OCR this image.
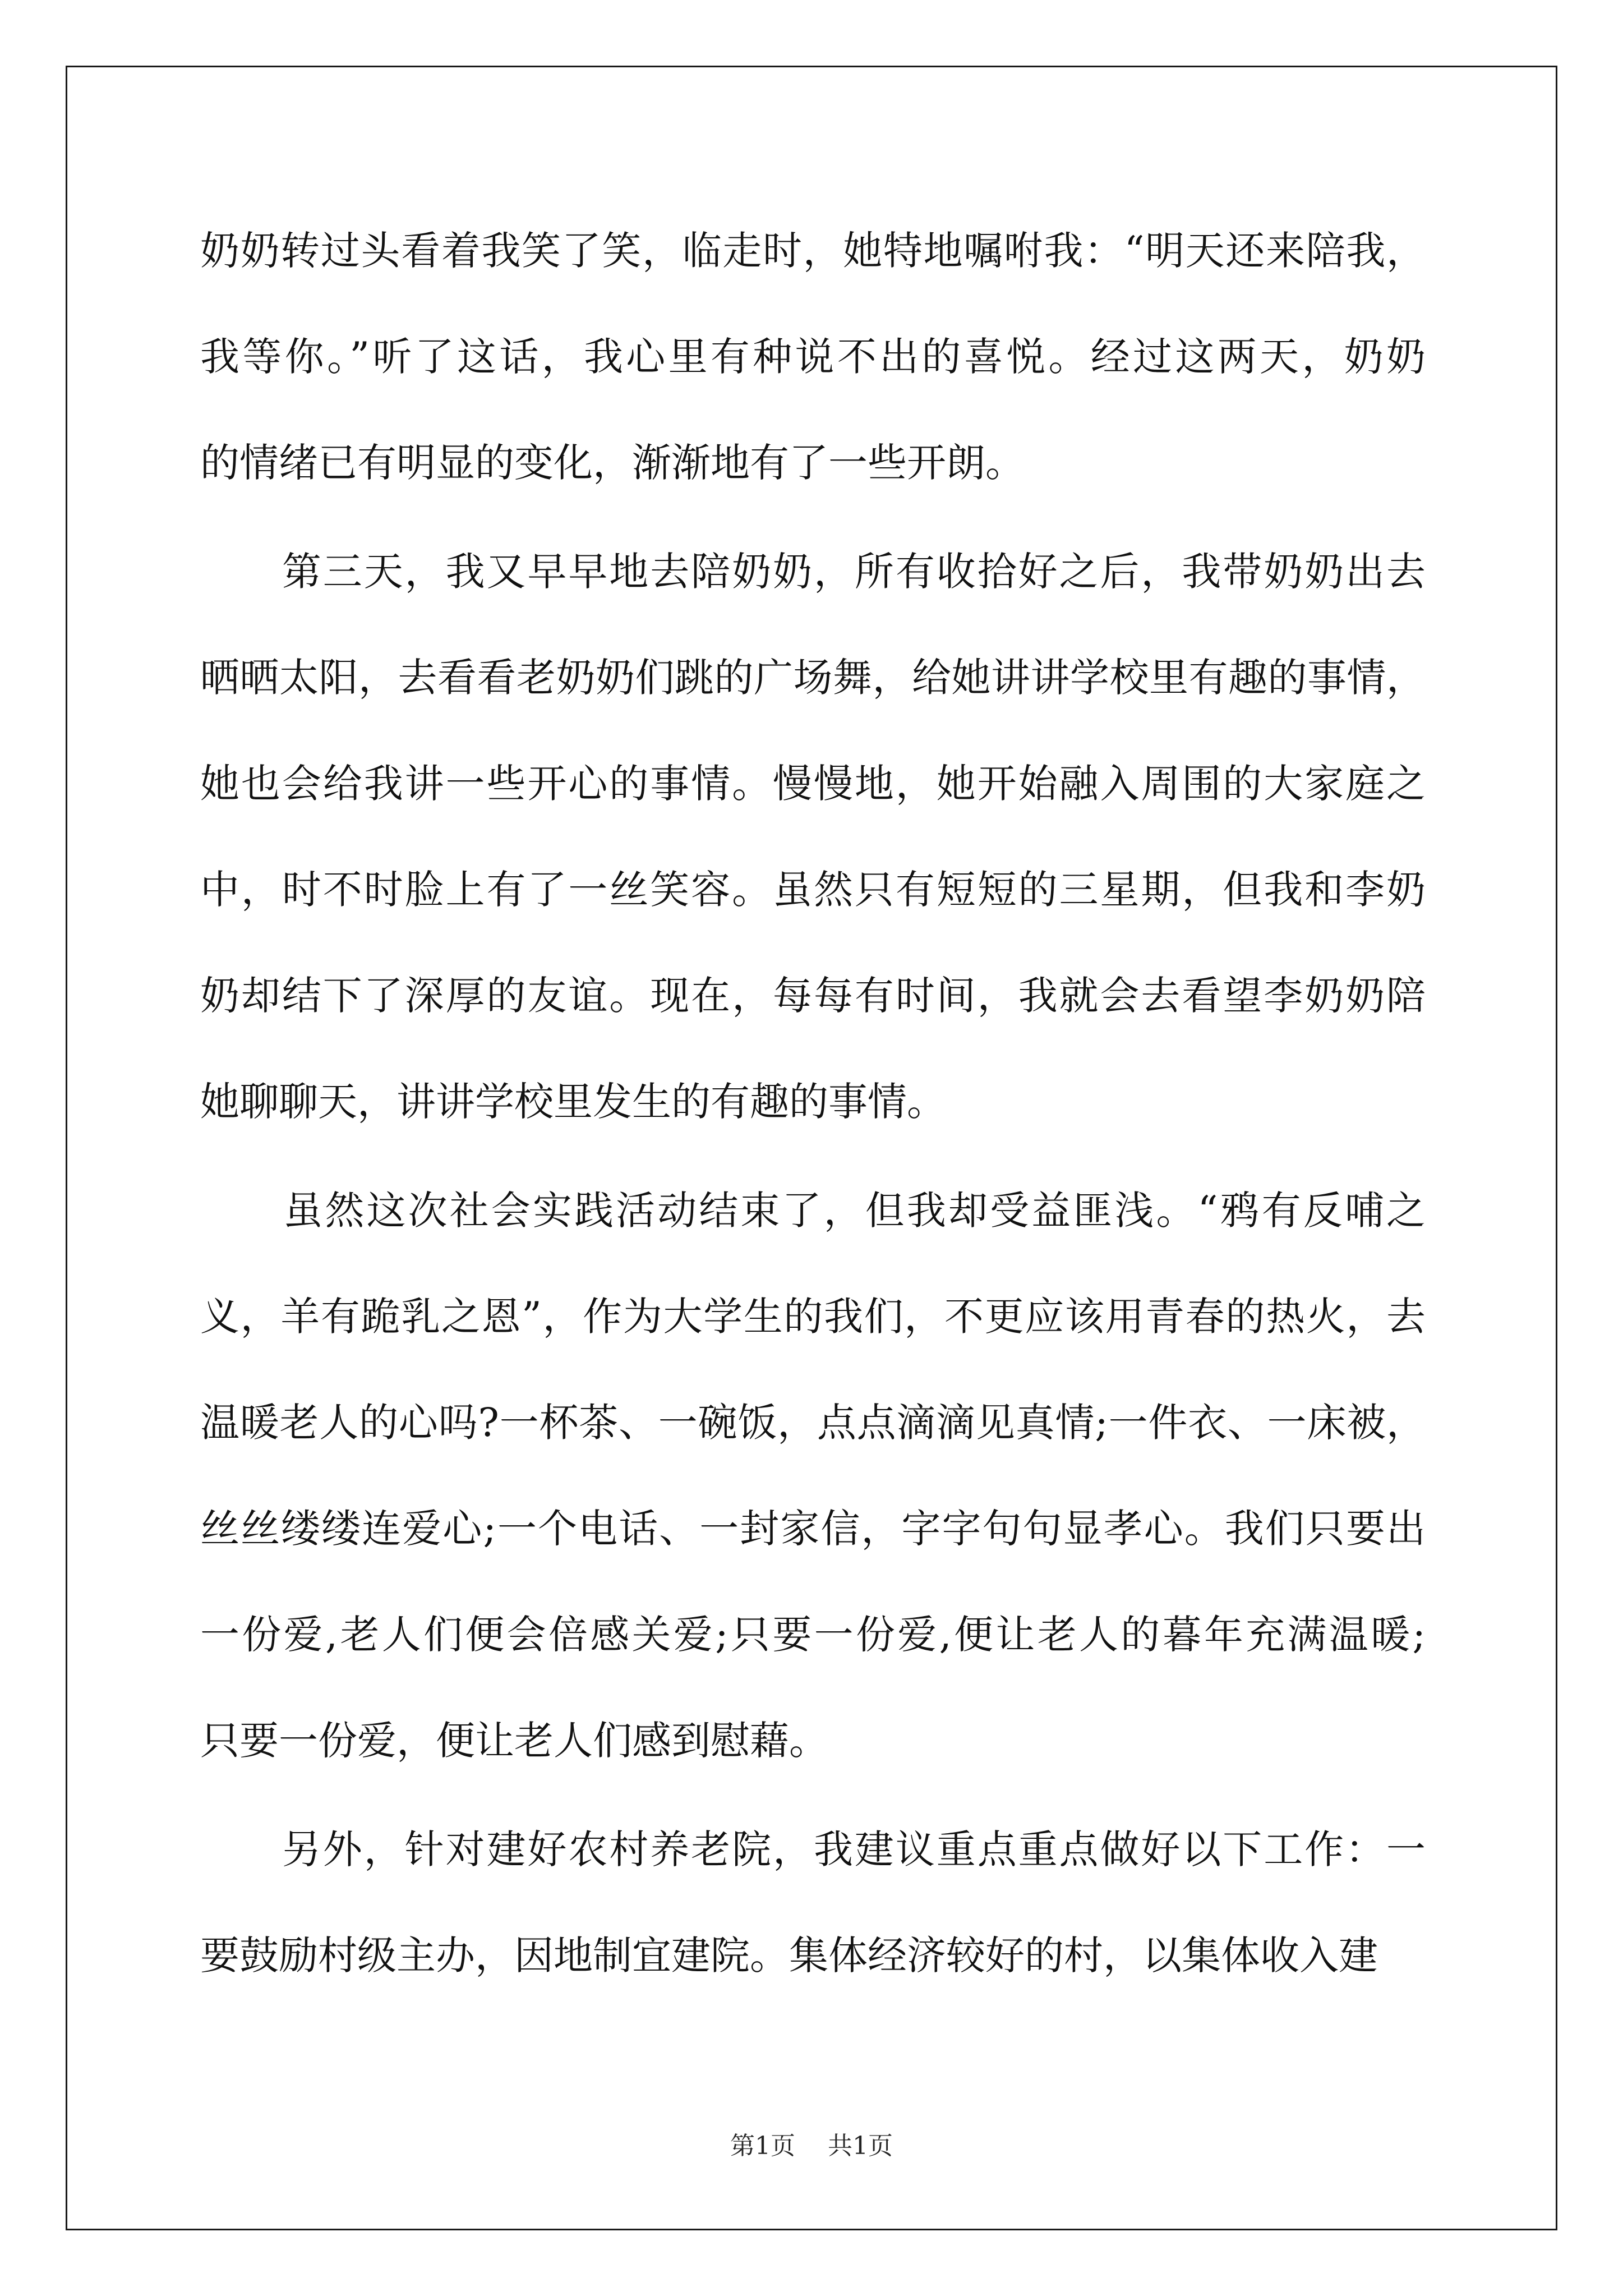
奶奶转过头看着我笑了笑，临走时，她特地嘱咐我：“明天还来陪我，
我等你。”听了这话，我心里有种说不出的喜悦。经过这两天，奶奶
的情绪已有明显的变化，渐渐地有了一些开朗。
　　第三天，我又早早地去陪奶奶，所有收拾好之后，我带奶奶出去
晒晒太阳，去看看老奶奶们跳的广场舞，给她讲讲学校里有趣的事情，
她也会给我讲一些开心的事情。慢慢地，她开始融入周围的大家庭之
中，时不时脸上有了一丝笑容。虽然只有短短的三星期，但我和李奶
奶却结下了深厚的友谊。现在，每每有时间，我就会去看望李奶奶陪
她聊聊天，讲讲学校里发生的有趣的事情。
　　虽然这次社会实践活动结束了，但我却受益匪浅。“鸦有反哺之
义，羊有跪乳之恩”，作为大学生的我们，不更应该用青春的热火，去
温暖老人的心吗?一杯茶、一碗饭，点点滴滴见真情;一件衣、一床被，
丝丝缕缕连爱心;一个电话、一封家信，字字句句显孝心。我们只要出
一份爱,老人们便会倍感关爱;只要一份爱,便让老人的暮年充满温暖;
只要一份爱，便让老人们感到慰藉。
　　另外，针对建好农村养老院，我建议重点重点做好以下工作：一
要鼓励村级主办，因地制宜建院。集体经济较好的村，以集体收入建
第1页 共1页
